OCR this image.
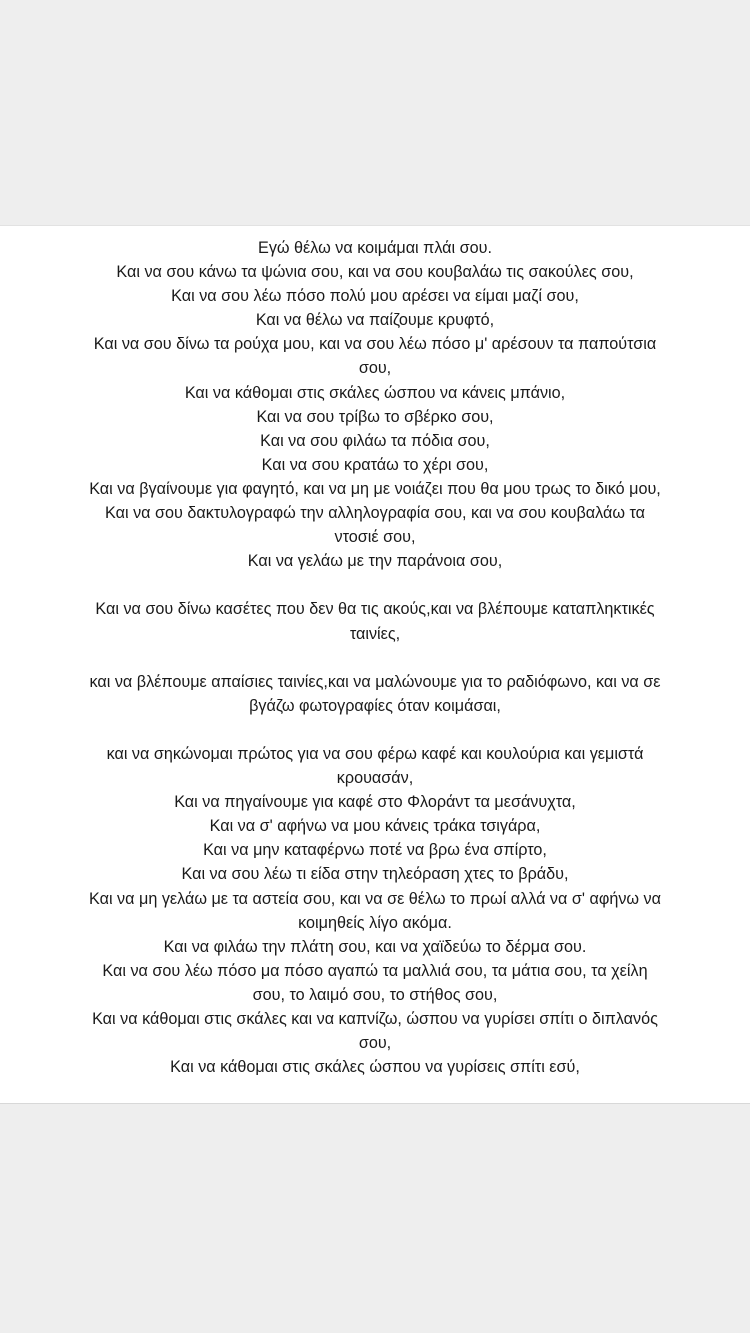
Εγώ θέλω να κοιμάμαι πλάι σου.

Και να σου κάνω τα ψώνια σου, και να σου κουβαλάω τις σακούλες σου,

Και να σου λέω πόσο πολύ μου αρέσει να είμαι μαζί σου,

Και να θέλω να παίζουμε κρυφτό,

Και να σου δίνω τα ρούχα μου, και να σου λέω πόσο μ' αρέσουν τα παπούτσια σου,

Και να κάθομαι στις σκάλες ώσπου να κάνεις μπάνιο,

Και να σου τρίβω το σβέρκο σου,

Και να σου φιλάω τα πόδια σου,

Και να σου κρατάω το χέρι σου,

Και να βγαίνουμε για φαγητό, και να μη με νοιάζει που θα μου τρως το δικό μου,

Και να σου δακτυλογραφώ την αλληλογραφία σου, και να σου κουβαλάω τα ντοσιέ σου,

Και να γελάω με την παράνοια σου,

Και να σου δίνω κασέτες που δεν θα τις ακούς,και να βλέπουμε καταπληκτικές ταινίες,

και να βλέπουμε απαίσιες ταινίες,και να μαλώνουμε για το ραδιόφωνο, και να σε βγάζω φωτογραφίες όταν κοιμάσαι,

και να σηκώνομαι πρώτος για να σου φέρω καφέ και κουλούρια και γεμιστά κρουασάν,

Και να πηγαίνουμε για καφέ στο Φλοράντ τα μεσάνυχτα,

Και να σ' αφήνω να μου κάνεις τράκα τσιγάρα,

Και να μην καταφέρνω ποτέ να βρω ένα σπίρτο,

Και να σου λέω τι είδα στην τηλεόραση χτες το βράδυ,

Και να μη γελάω με τα αστεία σου, και να σε θέλω το πρωί αλλά να σ' αφήνω να κοιμηθείς λίγο ακόμα.

Και να φιλάω την πλάτη σου, και να χαϊδεύω το δέρμα σου.

Και να σου λέω πόσο μα πόσο αγαπώ τα μαλλιά σου, τα μάτια σου, τα χείλη σου, το λαιμό σου, το στήθος σου,

Και να κάθομαι στις σκάλες και να καπνίζω, ώσπου να γυρίσει σπίτι ο διπλανός σου,

Και να κάθομαι στις σκάλες ώσπου να γυρίσεις σπίτι εσύ,
